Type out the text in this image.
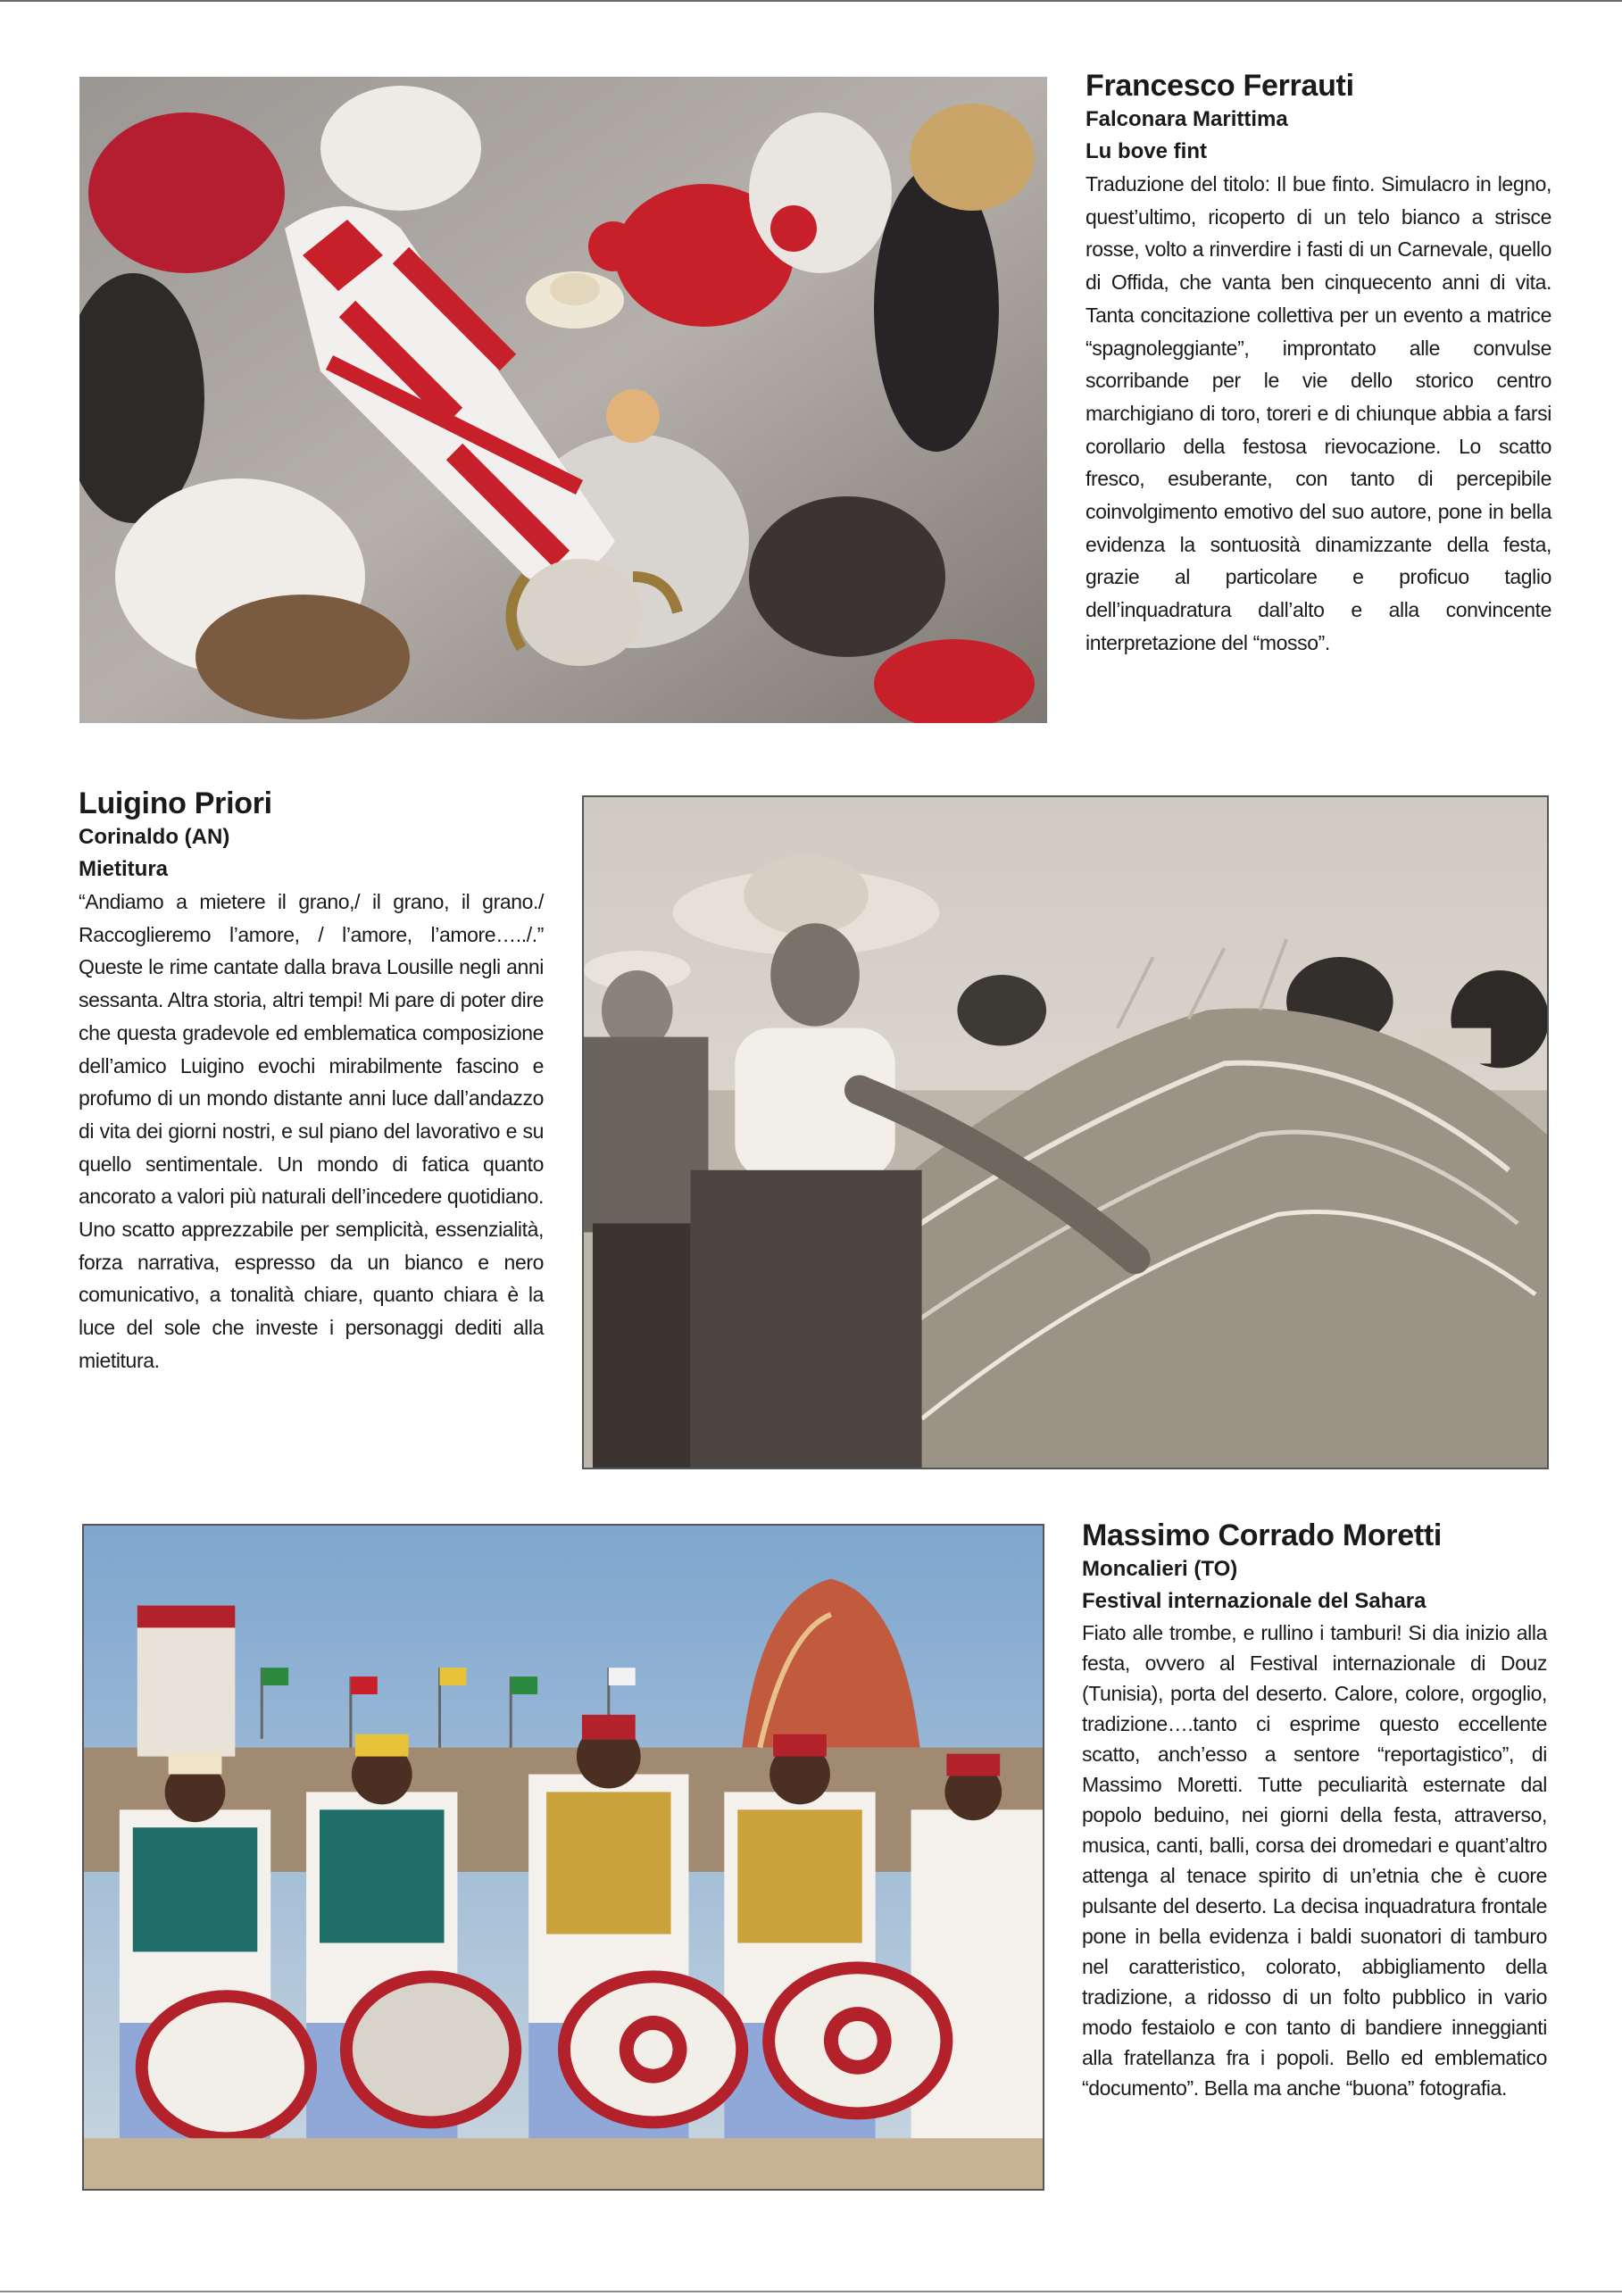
Francesco Ferrauti

Falconara Marittima

Lu bove fint

Traduzione del titolo: Il bue finto. Simulacro in legno, quest’ultimo, ricoperto di un telo bianco a strisce rosse, volto a rinverdire i fasti di un Carnevale, quello di Offida, che vanta ben cinquecento anni di vita. Tanta concitazione collettiva per un evento a matrice “spagnoleggiante”, improntato alle convulse scorribande per le vie dello storico centro marchigiano di toro, toreri e di chiunque abbia a farsi corollario della festosa rievocazione. Lo scatto fresco, esuberante, con tanto di percepibile coinvolgimento emotivo del suo autore, pone in bella evidenza la sontuosità dinamizzante della festa, grazie al particolare e proficuo taglio dell’inquadratura dall’alto e alla convincente interpretazione del “mosso”.

Luigino Priori

Corinaldo (AN)

Mietitura

“Andiamo a mietere il grano,/ il grano, il grano./ Raccoglieremo l’amore, / l’amore, l’amore…../.” Queste le rime cantate dalla brava Lousille negli anni sessanta. Altra storia, altri tempi! Mi pare di poter dire che questa gradevole ed emblematica composizione dell’amico Luigino evochi mirabilmente fascino e profumo di un mondo distante anni luce dall’andazzo di vita dei giorni nostri, e sul piano del lavorativo e su quello sentimentale. Un mondo di fatica quanto ancorato a valori più naturali dell’incedere quotidiano. Uno scatto apprezzabile per semplicità, essenzialità, forza narrativa, espresso da un bianco e nero comunicativo, a tonalità chiare, quanto chiara è la luce del sole che investe i personaggi dediti alla mietitura.

Massimo Corrado Moretti

Moncalieri (TO)

Festival internazionale del Sahara

Fiato alle trombe, e rullino i tamburi! Si dia inizio alla festa, ovvero al Festival internazionale di Douz (Tunisia), porta del deserto. Calore, colore, orgoglio, tradizione….tanto ci esprime questo eccellente scatto, anch’esso a sentore “reportagistico”, di Massimo Moretti. Tutte peculiarità esternate dal popolo beduino, nei giorni della festa, attraverso, musica, canti, balli, corsa dei dromedari e quant’altro attenga al tenace spirito di un’etnia che è cuore pulsante del deserto. La decisa inquadratura frontale pone in bella evidenza i baldi suonatori di tamburo nel caratteristico, colorato, abbigliamento della tradizione, a ridosso di un folto pubblico in vario modo festaiolo e con tanto di bandiere inneggianti alla fratellanza fra i popoli. Bello ed emblematico “documento”. Bella ma anche “buona” fotografia.
